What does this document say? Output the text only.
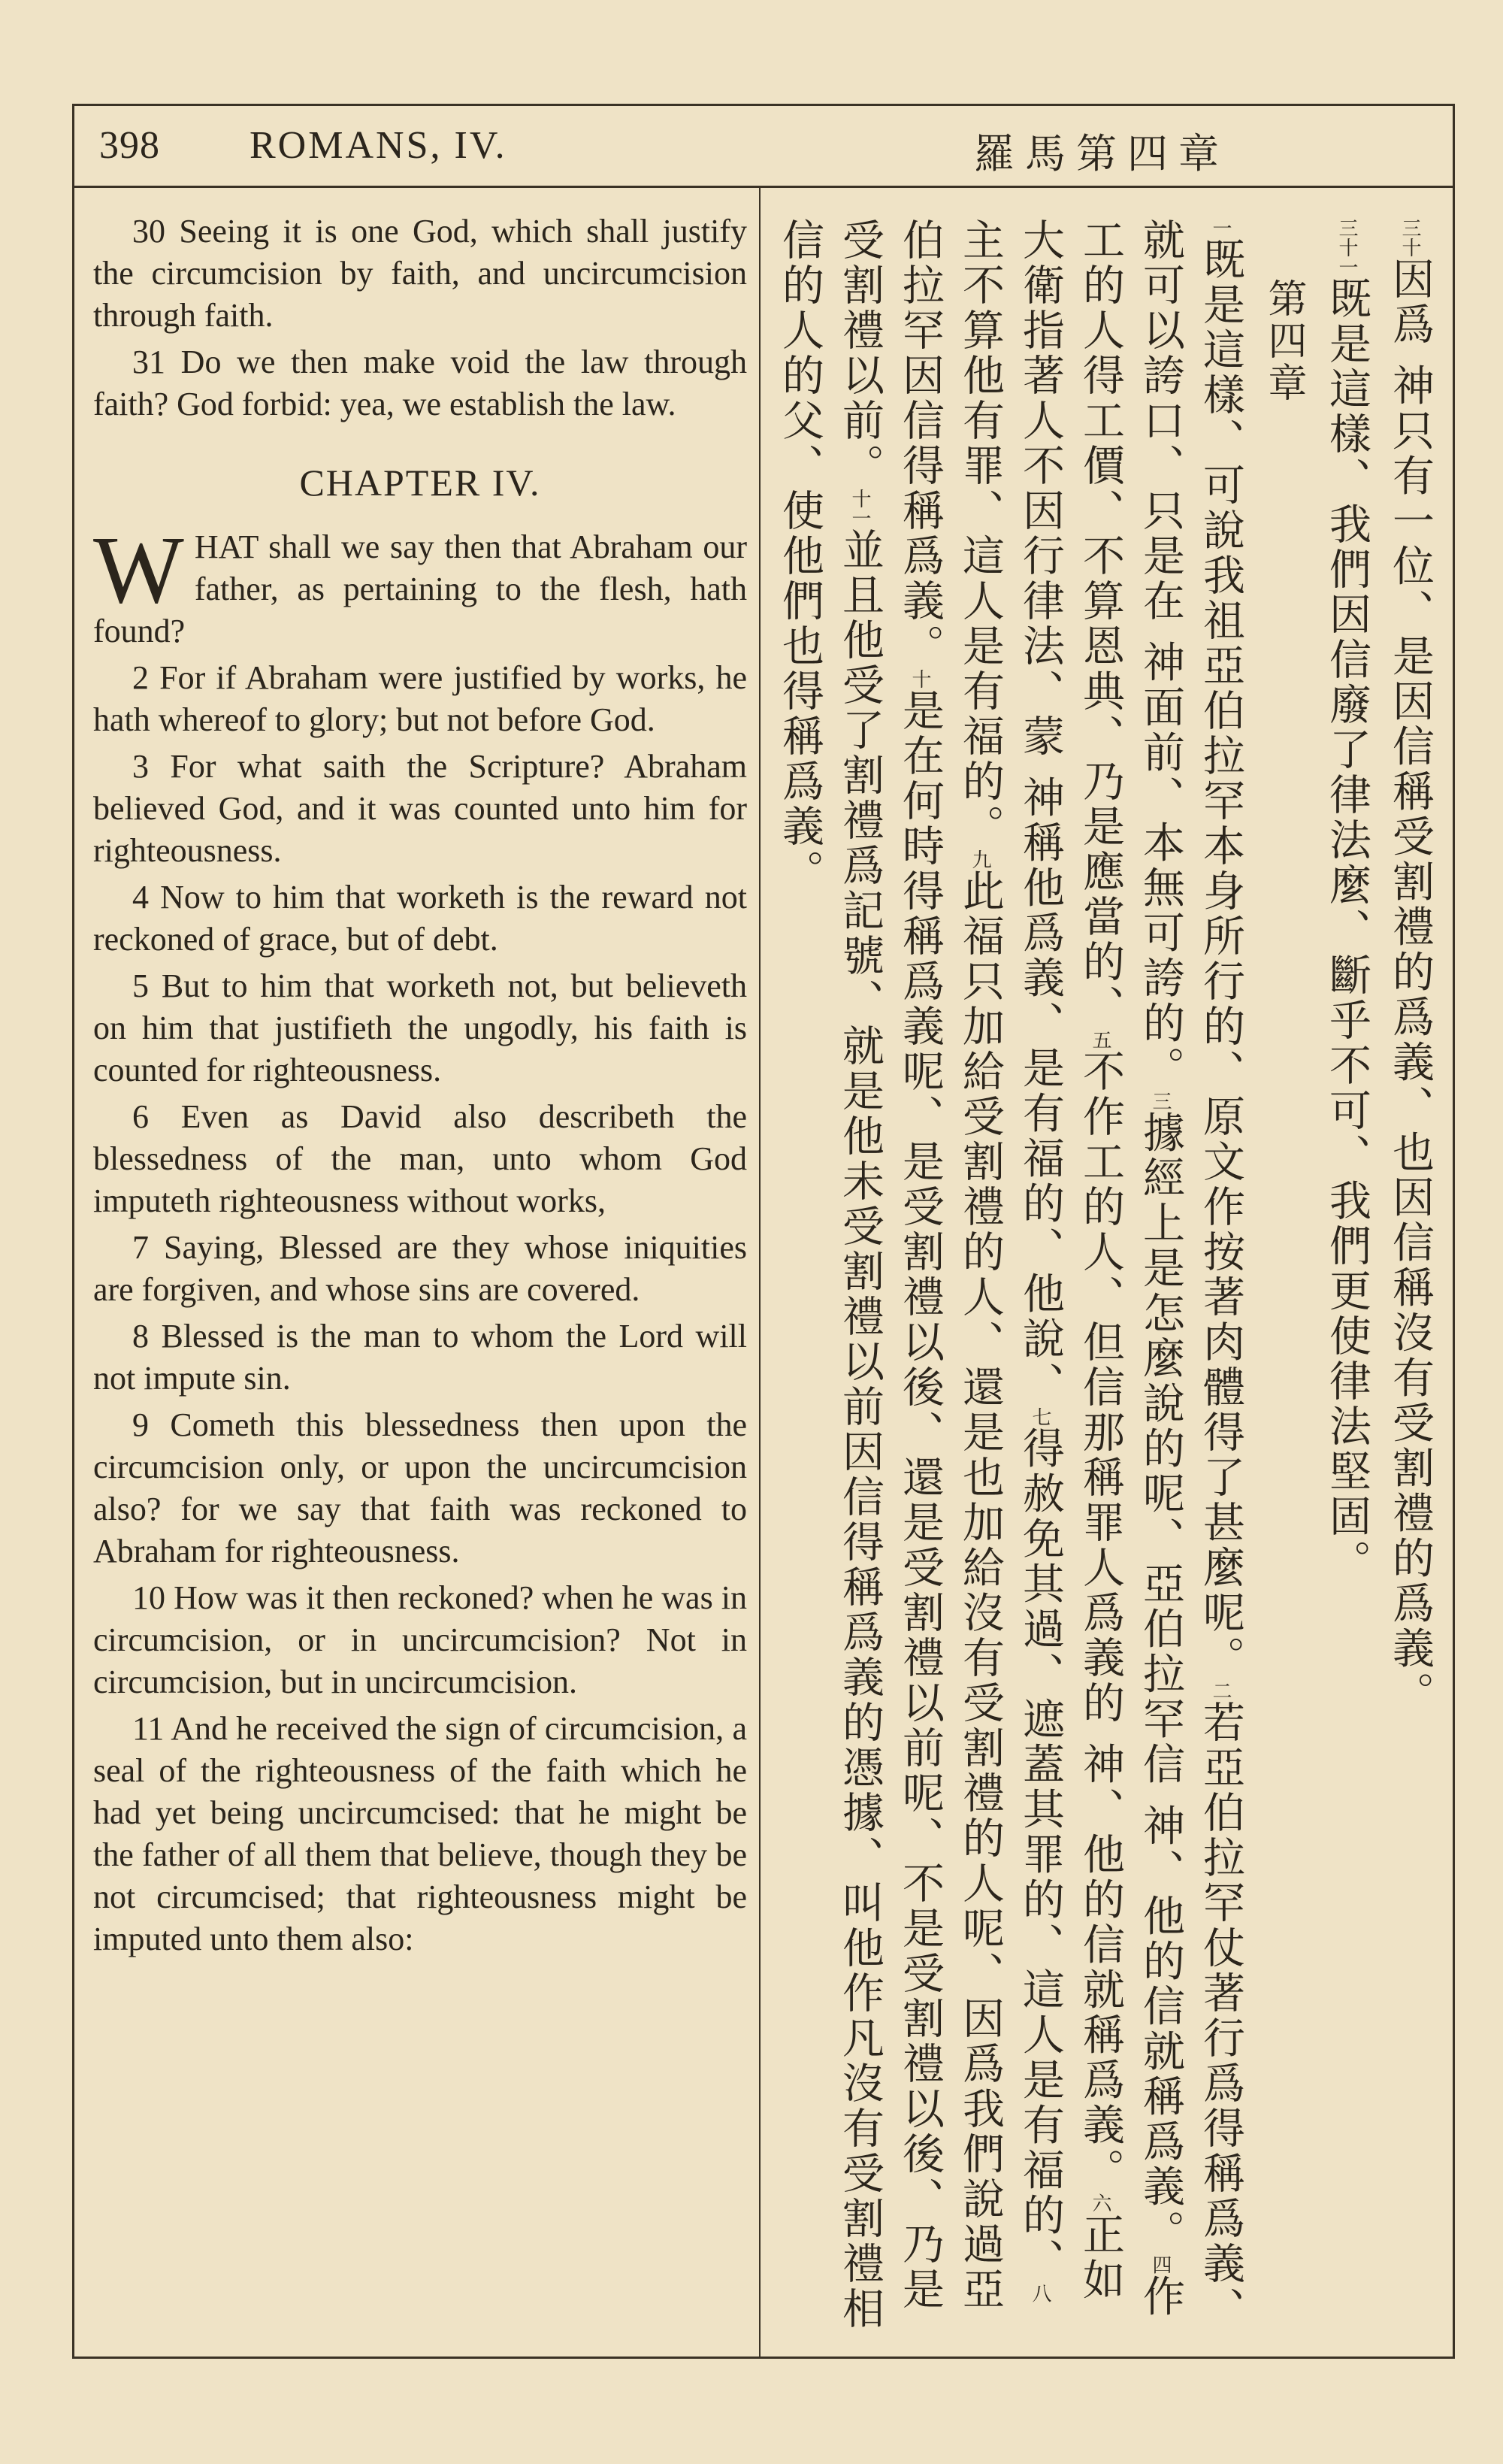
398 ROMANS, IV.	羅馬第四章

30 Seeing it is one God, which shall justify the circumcision by faith, and uncircumcision through faith.

31 Do we then make void the law through faith? God forbid: yea, we establish the law.

CHAPTER IV.

WHAT shall we say then that Abraham our father, as pertaining to the flesh, hath found?

2 For if Abraham were justified by works, he hath whereof to glory; but not before God.

3 For what saith the Scripture? Abraham believed God, and it was counted unto him for righteousness.

4 Now to him that worketh is the reward not reckoned of grace, but of debt.

5 But to him that worketh not, but believeth on him that justifieth the ungodly, his faith is counted for righteousness.

6 Even as David also describeth the blessedness of the man, unto whom God imputeth righteousness without works,

7 Saying, Blessed are they whose iniquities are forgiven, and whose sins are covered.

8 Blessed is the man to whom the Lord will not impute sin.

9 Cometh this blessedness then upon the circumcision only, or upon the uncircumcision also? for we say that faith was reckoned to Abraham for righteousness.

10 How was it then reckoned? when he was in circumcision, or in uncircumcision? Not in circumcision, but in uncircumcision.

11 And he received the sign of circumcision, a seal of the righteousness of the faith which he had yet being uncircumcised: that he might be the father of all them that believe, though they be not circumcised; that righteousness might be imputed unto them also:

三十因爲 神只有一位、是因信稱受割禮的爲義、也因信稱沒有受割禮的爲義。

三十一既是這樣、我們因信廢了律法麼、斷乎不可、我們更使律法堅固。

第四章

一既是這樣、可說我祖亞伯拉罕本身所行的、原文作按著肉體得了甚麼呢。二若亞伯拉罕仗著行爲得稱爲義、就可以誇口、只是在 神面前、本無可誇的。三據經上是怎麼說的呢、亞伯拉罕信 神、他的信就稱爲義。四作工的人得工價、不算恩典、乃是應當的、五不作工的人、但信那稱罪人爲義的 神、他的信就稱爲義。六正如大衛指著人不因行律法、蒙 神稱他爲義、是有福的、他說、七得赦免其過、遮蓋其罪的、這人是有福的、八主不算他有罪、這人是有福的。九此福只加給受割禮的人、還是也加給沒有受割禮的人呢、因爲我們說過亞伯拉罕因信得稱爲義。十是在何時得稱爲義呢、是受割禮以後、還是受割禮以前呢、不是受割禮以後、乃是受割禮以前。十一並且他受了割禮爲記號、就是他未受割禮以前因信得稱爲義的憑據、叫他作凡沒有受割禮相信的人的父、使他們也得稱爲義。
